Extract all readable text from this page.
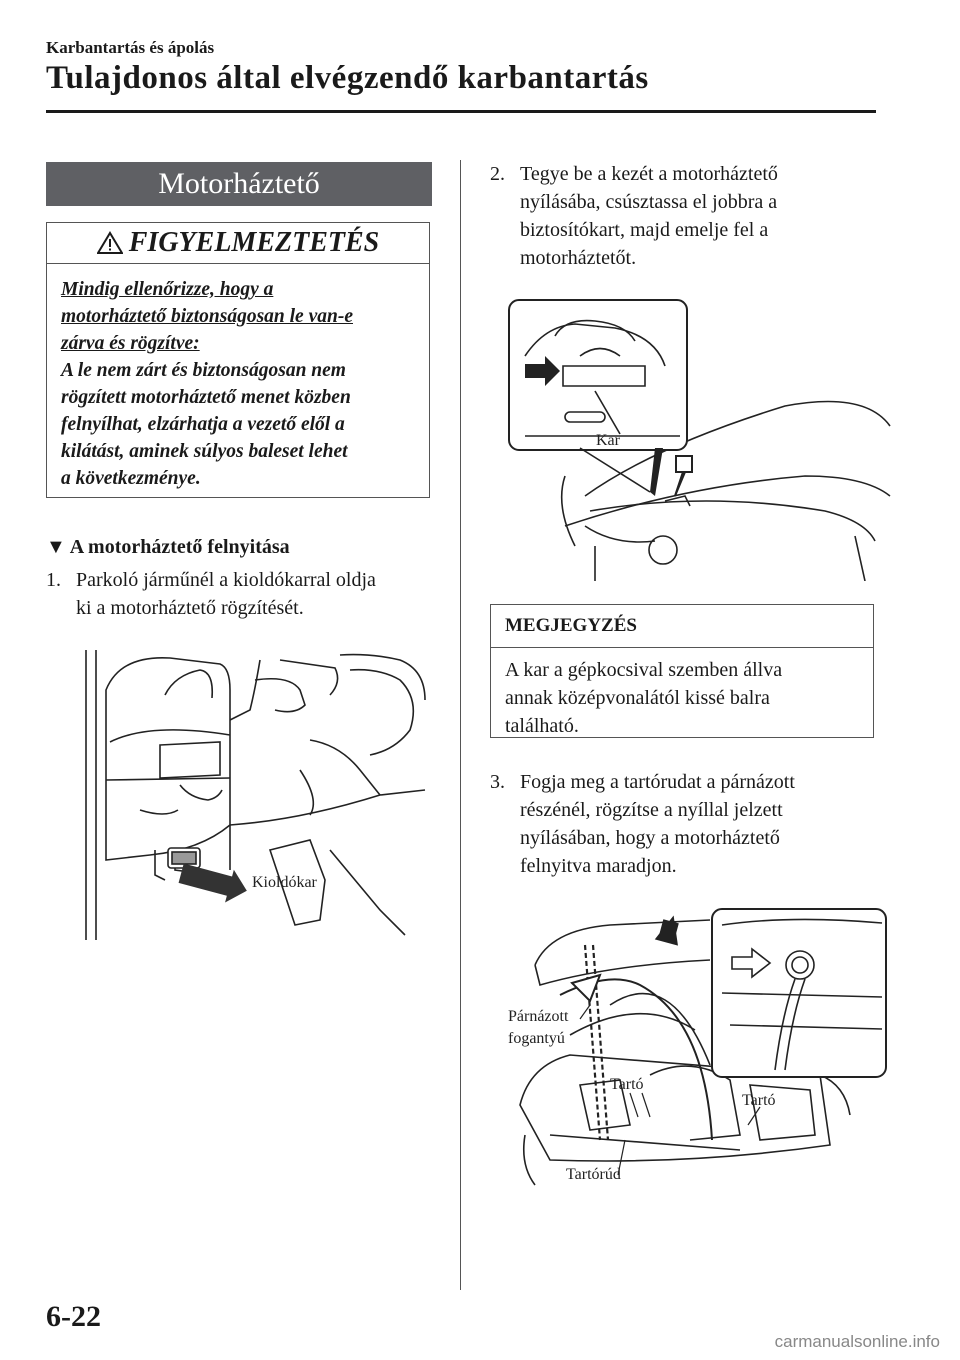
Karbantartás és ápolás
Tulajdonos által elvégzendő karbantartás
Motorháztető
FIGYELMEZTETÉS
Mindig ellenőrizze, hogy a
motorháztető biztonságosan le van-e
zárva és rögzítve:
A le nem zárt és biztonságosan nem
rögzített motorháztető menet közben
felnyílhat, elzárhatja a vezető elől a
kilátást, aminek súlyos baleset lehet
a következménye.
▼ A motorháztető felnyitása
1. Parkoló járműnél a kioldókarral oldja
ki a motorháztető rögzítését.
Kioldókar
2. Tegye be a kezét a motorháztető
nyílásába, csúsztassa el jobbra a
biztosítókart, majd emelje fel a
motorháztetőt.
Kar
MEGJEGYZÉS
A kar a gépkocsival szemben állva
annak középvonalától kissé balra
található.
3. Fogja meg a tartórudat a párnázott
részénél, rögzítse a nyíllal jelzett
nyílásában, hogy a motorháztető
felnyitva maradjon.
Párnázott
fogantyú
Tartó
Tartó
Tartórúd
6-22
carmanualsonline.info
